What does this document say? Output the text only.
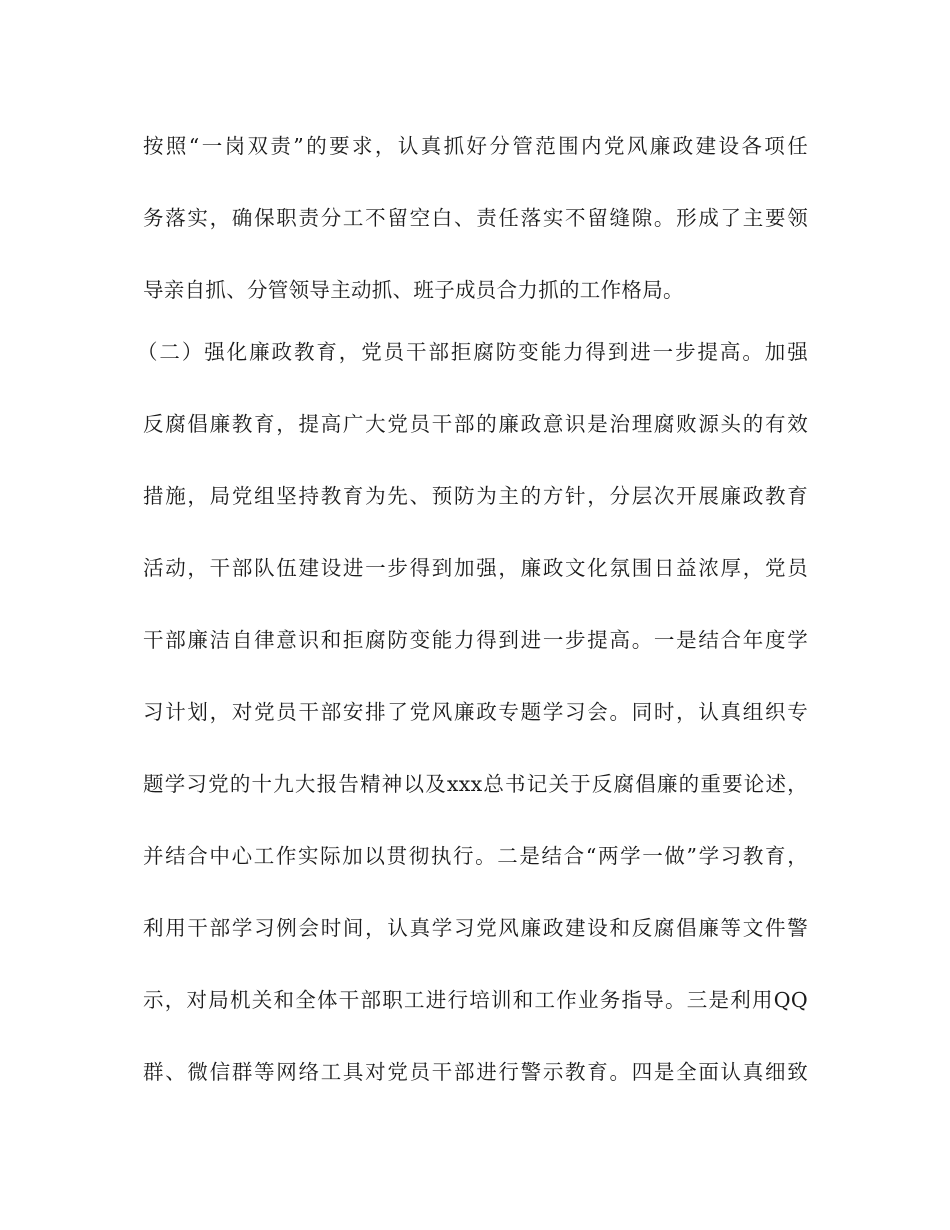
按照“一岗双责”的要求，认真抓好分管范围内党风廉政建设各项任
务落实，确保职责分工不留空白、责任落实不留缝隙。形成了主要领
导亲自抓、分管领导主动抓、班子成员合力抓的工作格局。
（二）强化廉政教育，党员干部拒腐防变能力得到进一步提高。加强
反腐倡廉教育，提高广大党员干部的廉政意识是治理腐败源头的有效
措施，局党组坚持教育为先、预防为主的方针，分层次开展廉政教育
活动，干部队伍建设进一步得到加强，廉政文化氛围日益浓厚，党员
干部廉洁自律意识和拒腐防变能力得到进一步提高。一是结合年度学
习计划，对党员干部安排了党风廉政专题学习会。同时，认真组织专
题学习党的十九大报告精神以及xxx总书记关于反腐倡廉的重要论述，
并结合中心工作实际加以贯彻执行。二是结合“两学一做”学习教育，
利用干部学习例会时间，认真学习党风廉政建设和反腐倡廉等文件警
示，对局机关和全体干部职工进行培训和工作业务指导。三是利用QQ
群、微信群等网络工具对党员干部进行警示教育。四是全面认真细致
